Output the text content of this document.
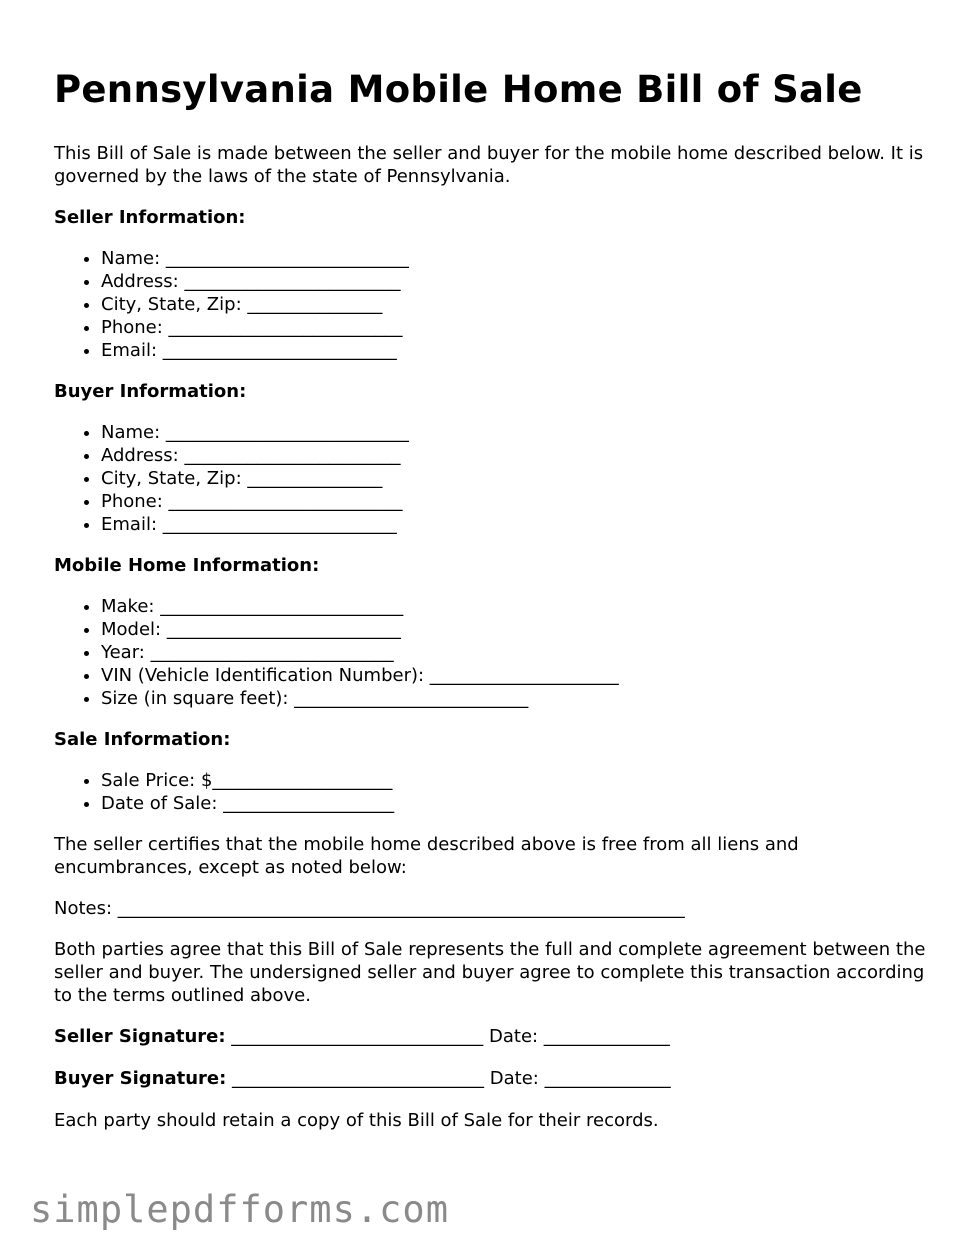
Pennsylvania Mobile Home Bill of Sale

This Bill of Sale is made between the seller and buyer for the mobile home described below. It is governed by the laws of the state of Pennsylvania.

Seller Information:
• Name: ___________________________
• Address: ________________________
• City, State, Zip: _______________
• Phone: __________________________
• Email: __________________________
Buyer Information:
• Name: ___________________________
• Address: ________________________
• City, State, Zip: _______________
• Phone: __________________________
• Email: __________________________
Mobile Home Information:
• Make: ___________________________
• Model: __________________________
• Year: ___________________________
• VIN (Vehicle Identification Number): _____________________
• Size (in square feet): __________________________
Sale Information:
• Sale Price: $____________________
• Date of Sale: ___________________

The seller certifies that the mobile home described above is free from all liens and encumbrances, except as noted below:

Notes: _______________________________________________________________

Both parties agree that this Bill of Sale represents the full and complete agreement between the seller and buyer. The undersigned seller and buyer agree to complete this transaction according to the terms outlined above.

Seller Signature: ____________________________ Date: ______________

Buyer Signature: ____________________________ Date: ______________

Each party should retain a copy of this Bill of Sale for their records.

simplepdfforms.com
